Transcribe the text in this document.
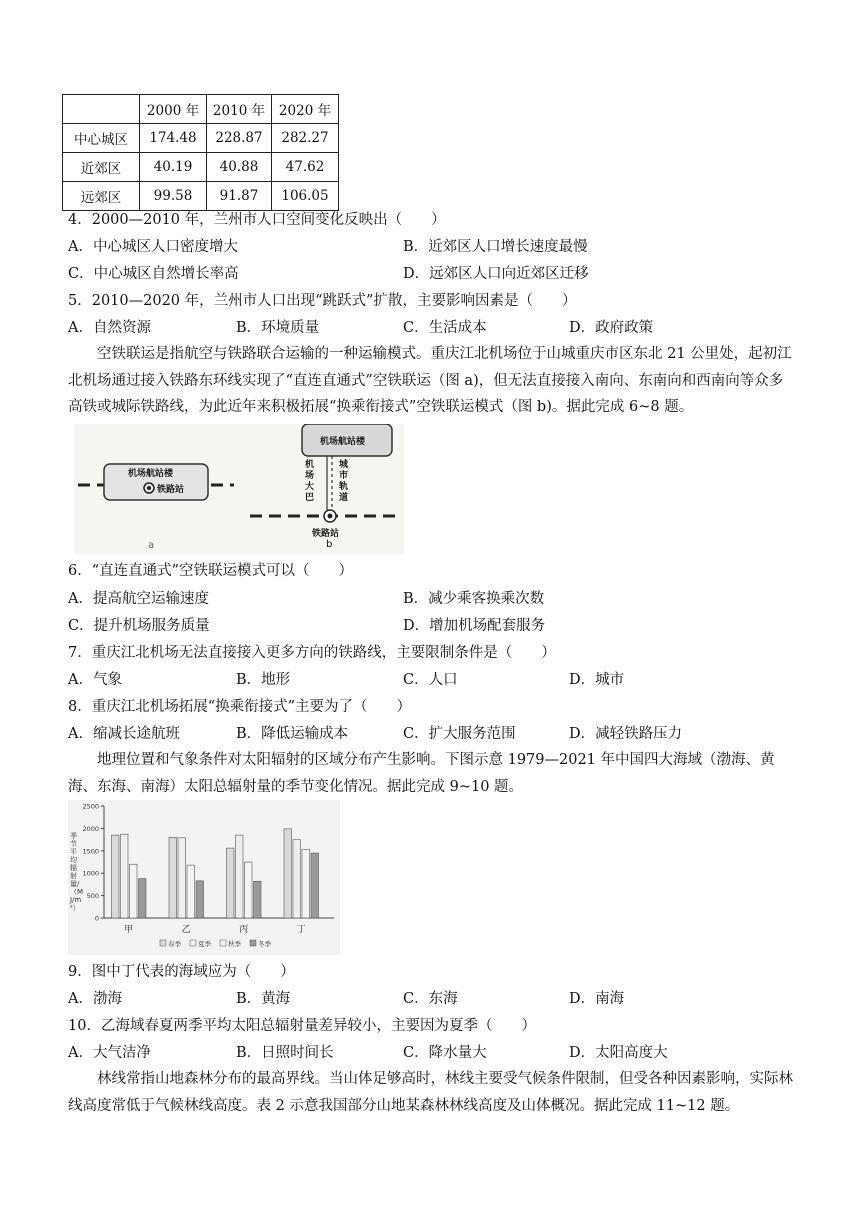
	2000 年	2010 年	2020 年
中心城区	174.48	228.87	282.27
近郊区	40.19	40.88	47.62
远郊区	99.58	91.87	106.05
4．2000—2010 年，兰州市人口空间变化反映出（　　）
A．中心城区人口密度增大	B．近郊区人口增长速度最慢
C．中心城区自然增长率高	D．远郊区人口向近郊区迁移
5．2010—2020 年，兰州市人口出现“跳跃式”扩散，主要影响因素是（　　）
A．自然资源	B．环境质量	C．生活成本	D．政府政策
空铁联运是指航空与铁路联合运输的一种运输模式。重庆江北机场位于山城重庆市区东北 21 公里处，起初江北机场通过接入铁路东环线实现了“直连直通式”空铁联运（图 a)，但无法直接接入南向、东南向和西南向等众多高铁或城际铁路线，为此近年来积极拓展“换乘衔接式”空铁联运模式（图 b)。据此完成 6~8 题。
机场航站楼
铁路站
a
机场航站楼
机场大巴
城市轨道
铁路站
b
6．“直连直通式”空铁联运模式可以（　　）
A．提高航空运输速度	B．减少乘客换乘次数
C．提升机场服务质量	D．增加机场配套服务
7．重庆江北机场无法直接接入更多方向的铁路线，主要限制条件是（　　）
A．气象	B．地形	C．人口	D．城市
8．重庆江北机场拓展“换乘衔接式”主要为了（　　）
A．缩减长途航班	B．降低运输成本	C．扩大服务范围	D．减轻铁路压力
地理位置和气象条件对太阳辐射的区域分布产生影响。下图示意 1979—2021 年中国四大海域（渤海、黄海、东海、南海）太阳总辐射量的季节变化情况。据此完成 9~10 题。
0
500
1000
1500
2000
2500
甲	乙	丙	丁
春季	夏季	秋季	冬季
季节平均辐射量/（MJ/m²）
9．图中丁代表的海域应为（　　）
A．渤海	B．黄海	C．东海	D．南海
10．乙海域春夏两季平均太阳总辐射量差异较小，主要因为夏季（　　）
A．大气洁净	B．日照时间长	C．降水量大	D．太阳高度大
林线常指山地森林分布的最高界线。当山体足够高时，林线主要受气候条件限制，但受各种因素影响，实际林线高度常低于气候林线高度。表 2 示意我国部分山地某森林林线高度及山体概况。据此完成 11~12 题。
